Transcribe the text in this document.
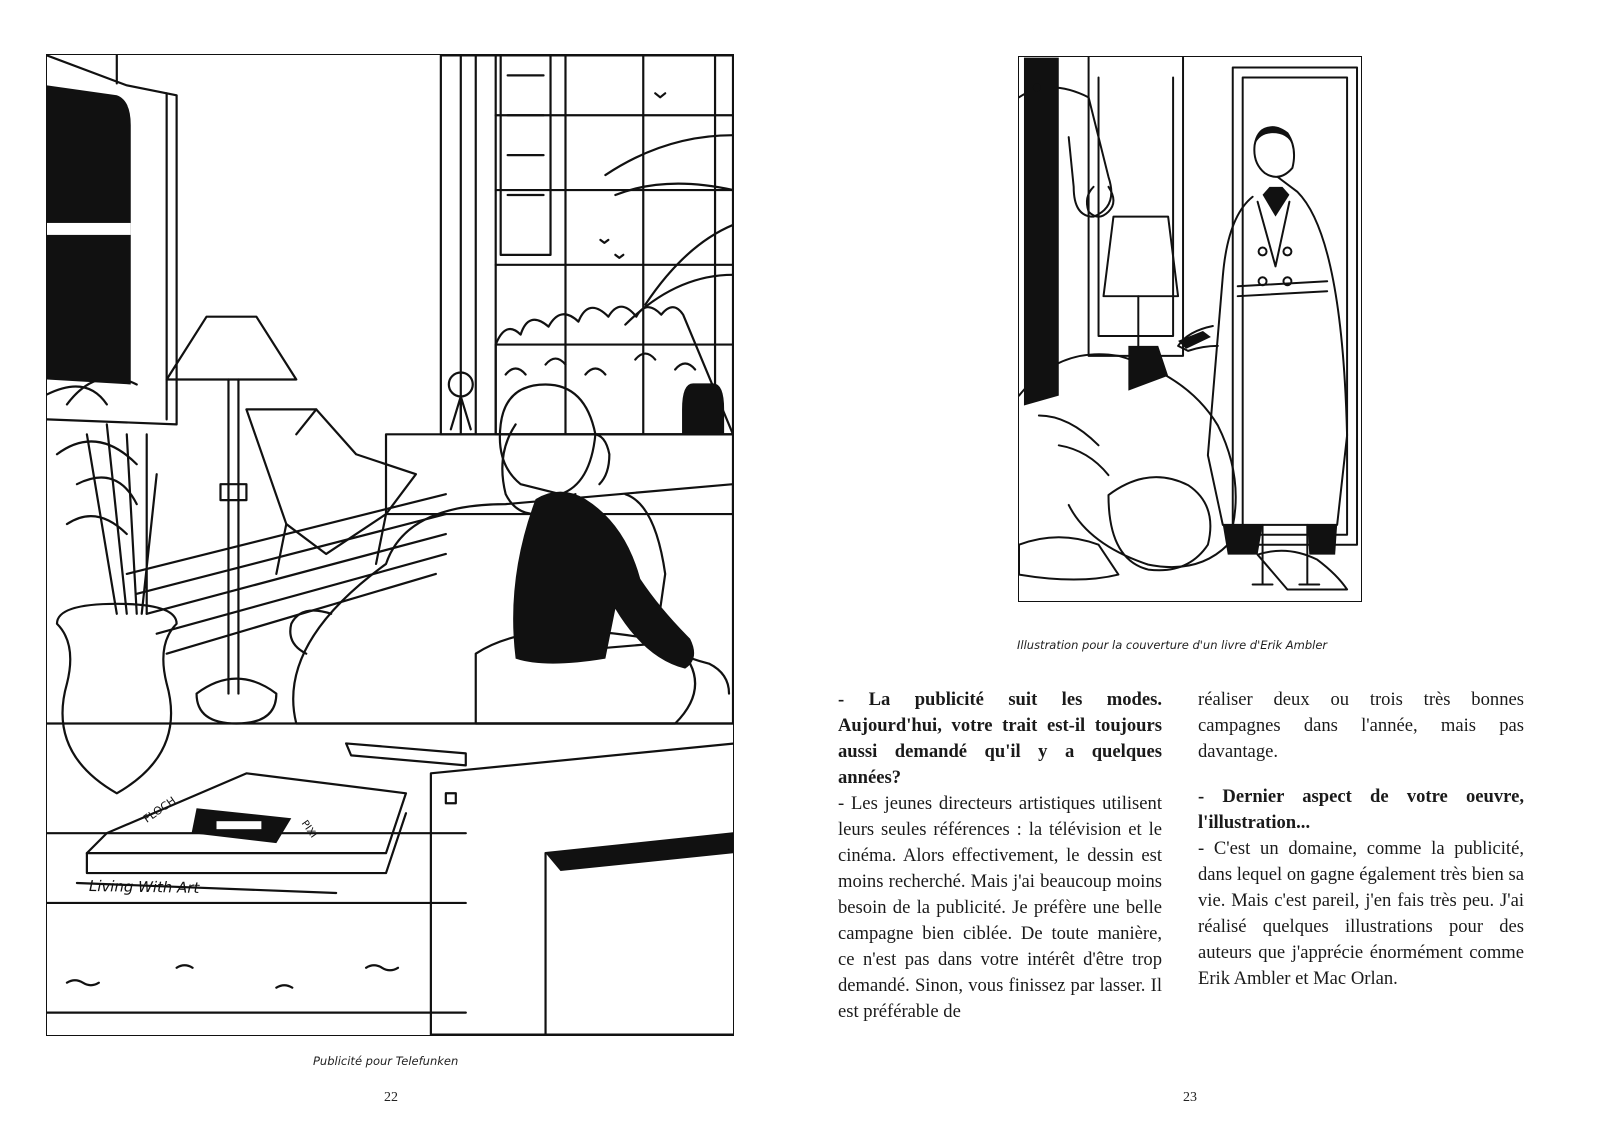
Living With Art
FLOCH
PIXI
Publicité pour Telefunken
22
Illustration pour la couverture d'un livre d'Erik Ambler

- La publicité suit les modes. Aujourd'hui, votre trait est-il toujours aussi demandé qu'il y a quelques années?

- Les jeunes directeurs artistiques utilisent leurs seules références : la télévision et le cinéma. Alors effectivement, le dessin est moins recherché. Mais j'ai beaucoup moins besoin de la publicité. Je préfère une belle campagne bien ciblée. De toute manière, ce n'est pas dans votre intérêt d'être trop demandé. Sinon, vous finissez par lasser. Il est préférable de

réaliser deux ou trois très bonnes campagnes dans l'année, mais pas davantage.

- Dernier aspect de votre oeuvre, l'illustration...

- C'est un domaine, comme la publicité, dans lequel on gagne également très bien sa vie. Mais c'est pareil, j'en fais très peu. J'ai réalisé quelques illustrations pour des auteurs que j'apprécie énormément comme Erik Ambler et Mac Orlan.

23
